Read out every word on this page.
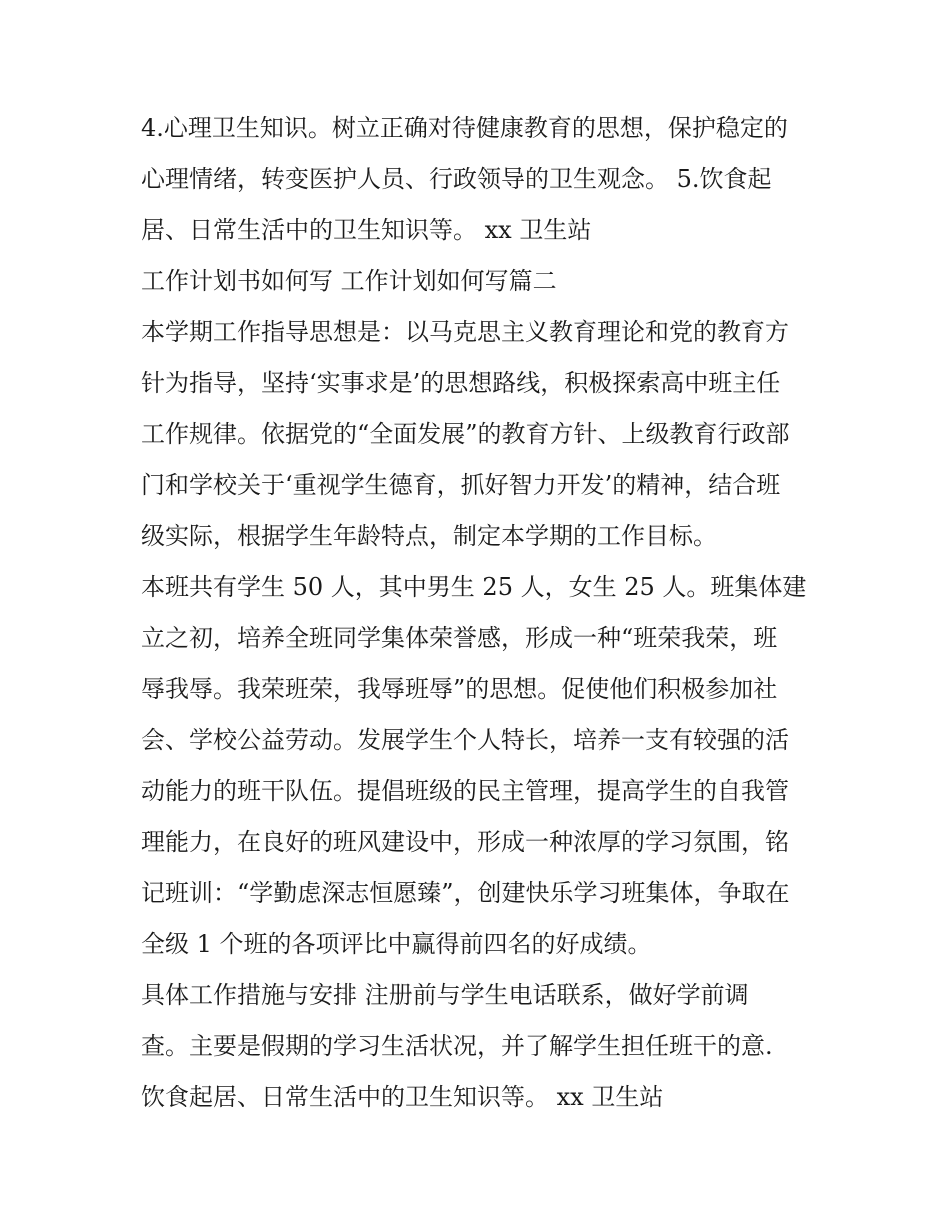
4.心理卫生知识。树立正确对待健康教育的思想，保护稳定的
心理情绪，转变医护人员、行政领导的卫生观念。 5.饮食起
居、日常生活中的卫生知识等。 xx 卫生站
工作计划书如何写 工作计划如何写篇二
本学期工作指导思想是：以马克思主义教育理论和党的教育方
针为指导，坚持‘实事求是’的思想路线，积极探索高中班主任
工作规律。依据党的“全面发展”的教育方针、上级教育行政部
门和学校关于‘重视学生德育，抓好智力开发’的精神，结合班
级实际，根据学生年龄特点，制定本学期的工作目标。
本班共有学生 50 人，其中男生 25 人，女生 25 人。班集体建
立之初，培养全班同学集体荣誉感，形成一种“班荣我荣，班
辱我辱。我荣班荣，我辱班辱”的思想。促使他们积极参加社
会、学校公益劳动。发展学生个人特长，培养一支有较强的活
动能力的班干队伍。提倡班级的民主管理，提高学生的自我管
理能力，在良好的班风建设中，形成一种浓厚的学习氛围，铭
记班训：“学勤虑深志恒愿臻”，创建快乐学习班集体，争取在
全级 1 个班的各项评比中赢得前四名的好成绩。
具体工作措施与安排 注册前与学生电话联系，做好学前调
查。主要是假期的学习生活状况，并了解学生担任班干的意.
饮食起居、日常生活中的卫生知识等。 xx 卫生站
